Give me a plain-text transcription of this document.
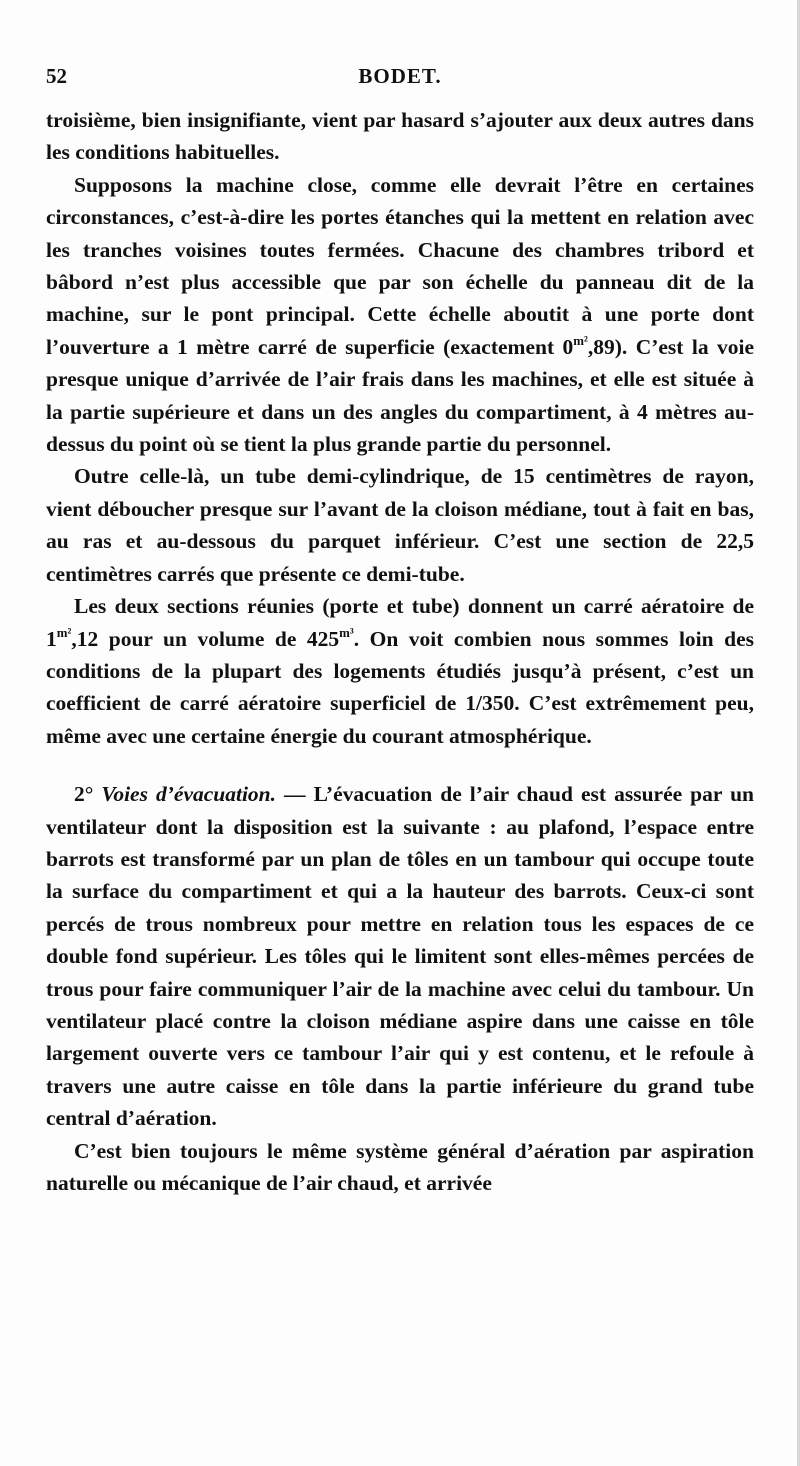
52	BODET.

troisième, bien insignifiante, vient par hasard s’ajouter aux deux autres dans les conditions habituelles.

Supposons la machine close, comme elle devrait l’être en certaines circonstances, c’est-à-dire les portes étanches qui la mettent en relation avec les tranches voisines toutes fermées. Chacune des chambres tribord et bâbord n’est plus accessible que par son échelle du panneau dit de la machine, sur le pont principal. Cette échelle aboutit à une porte dont l’ouverture a 1 mètre carré de superficie (exactement $0^{m^2},89$). C’est la voie presque unique d’arrivée de l’air frais dans les machines, et elle est située à la partie supérieure et dans un des angles du compartiment, à 4 mètres au-dessus du point où se tient la plus grande partie du personnel.

Outre celle-là, un tube demi-cylindrique, de 15 centimètres de rayon, vient déboucher presque sur l’avant de la cloison médiane, tout à fait en bas, au ras et au-dessous du parquet inférieur. C’est une section de 22,5 centimètres carrés que présente ce demi-tube.

Les deux sections réunies (porte et tube) donnent un carré aératoire de $1^{m^2},12$ pour un volume de $425^{m^3}$. On voit combien nous sommes loin des conditions de la plupart des logements étudiés jusqu’à présent, c’est un coefficient de carré aératoire superficiel de 1/350. C’est extrêmement peu, même avec une certaine énergie du courant atmosphérique.

2° Voies d’évacuation. — L’évacuation de l’air chaud est assurée par un ventilateur dont la disposition est la suivante : au plafond, l’espace entre barrots est transformé par un plan de tôles en un tambour qui occupe toute la surface du compartiment et qui a la hauteur des barrots. Ceux-ci sont percés de trous nombreux pour mettre en relation tous les espaces de ce double fond supérieur. Les tôles qui le limitent sont elles-mêmes percées de trous pour faire communiquer l’air de la machine avec celui du tambour. Un ventilateur placé contre la cloison médiane aspire dans une caisse en tôle largement ouverte vers ce tambour l’air qui y est contenu, et le refoule à travers une autre caisse en tôle dans la partie inférieure du grand tube central d’aération.

C’est bien toujours le même système général d’aération par aspiration naturelle ou mécanique de l’air chaud, et arrivée
